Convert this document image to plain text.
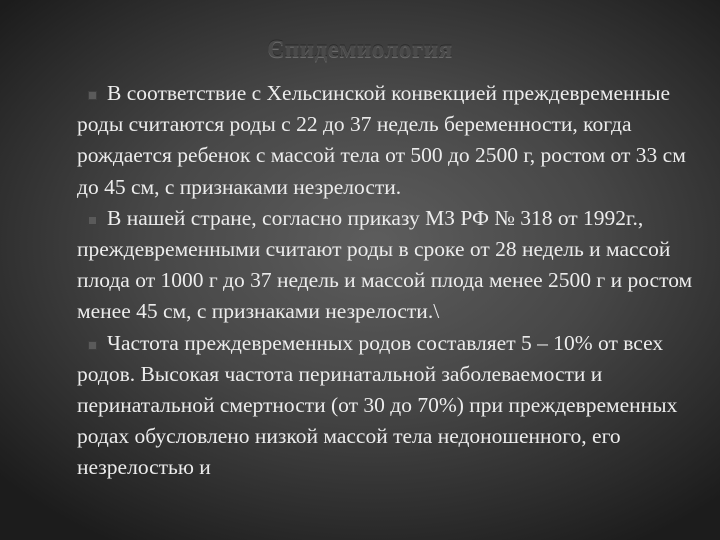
Єпидемиология

В соответствие с Хельсинской конвекцией преждевременные роды считаются роды с 22 до 37 недель беременности, когда рождается ребенок с массой тела от 500 до 2500 г, ростом от 33 см до 45 см, с признаками незрелости.

В нашей стране, согласно приказу МЗ РФ № 318 от 1992г., преждевременными считают роды в сроке от 28 недель и массой плода от 1000 г до 37 недель и массой плода менее 2500 г и ростом менее 45 см, с признаками незрелости.\

Частота преждевременных родов составляет 5 – 10% от всех родов. Высокая частота перинатальной заболеваемости и перинатальной смертности (от 30 до 70%) при преждевременных родах обусловлено низкой массой тела недоношенного, его незрелостью и
